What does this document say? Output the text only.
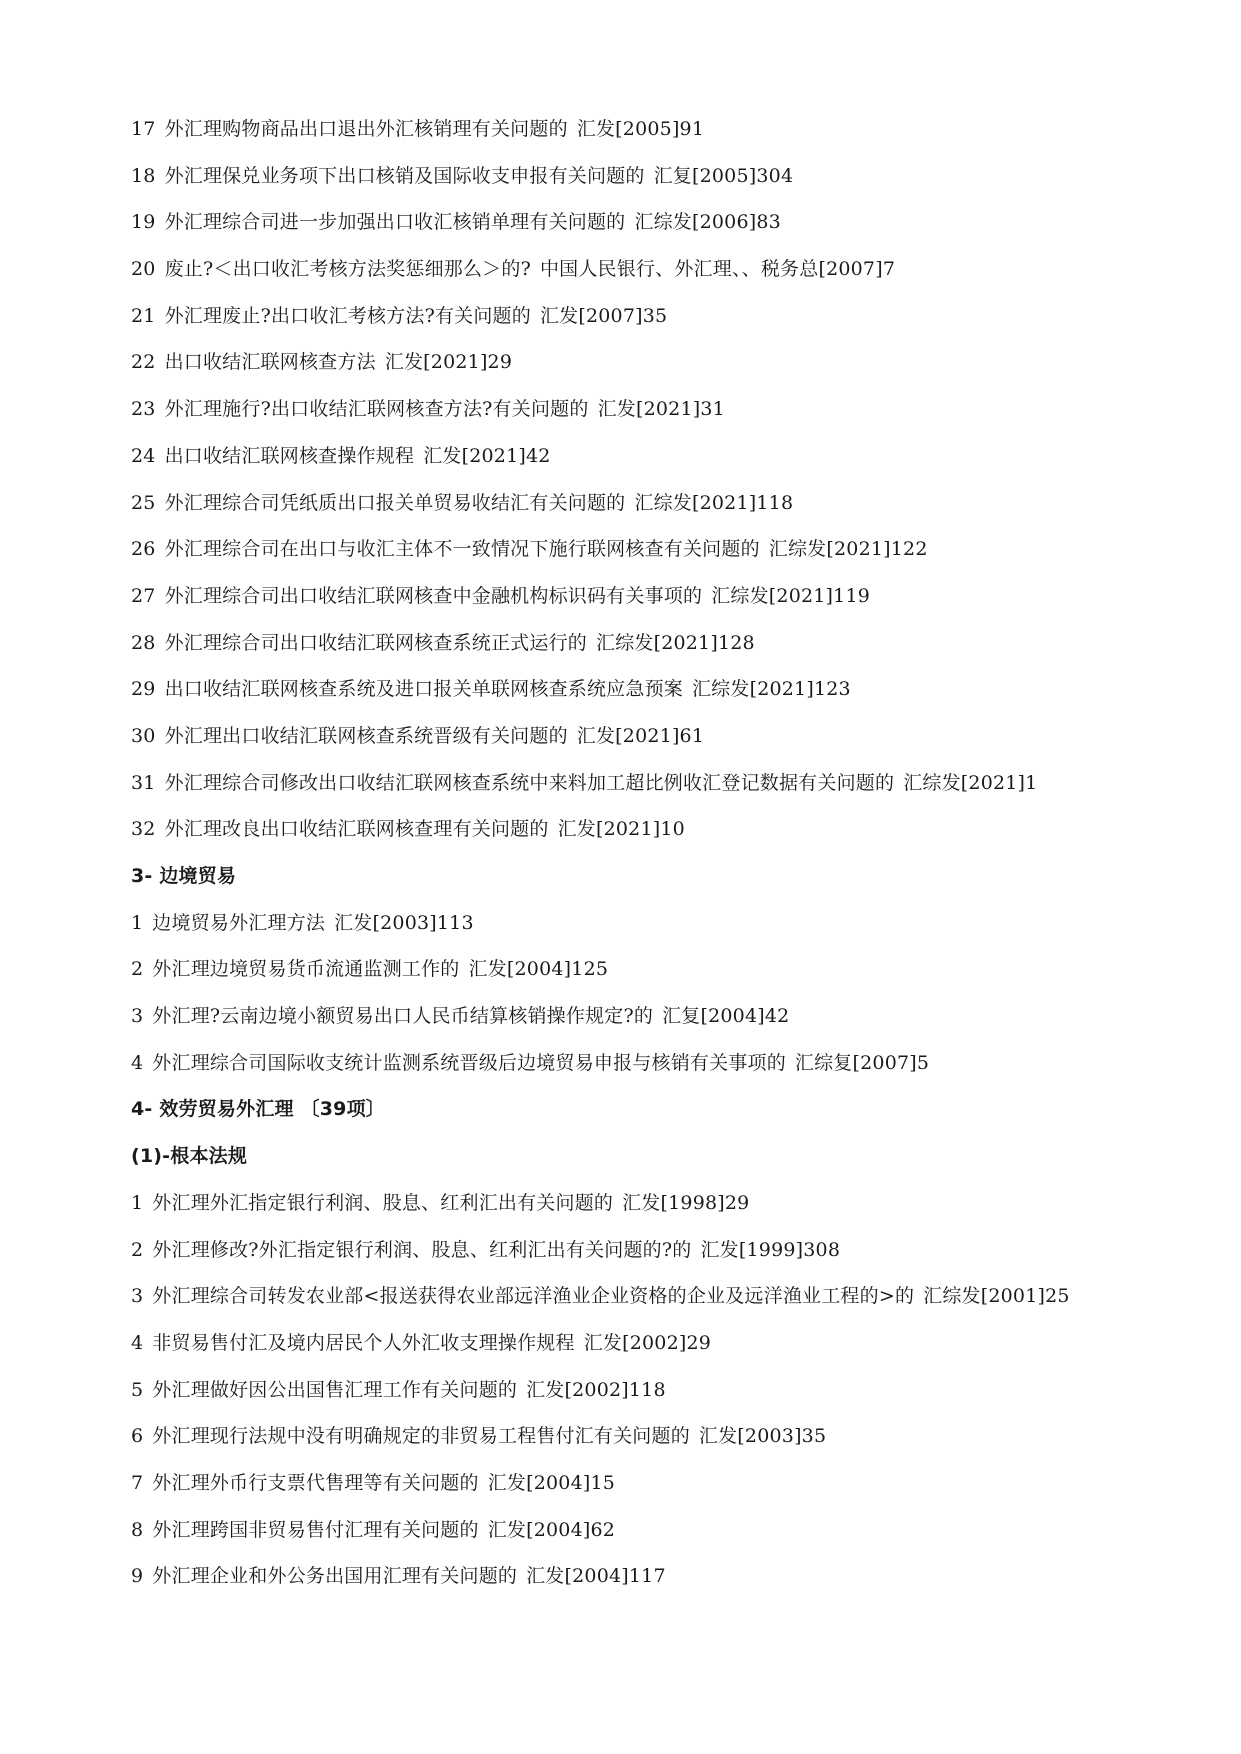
17 外汇理购物商品出口退出外汇核销理有关问题的 汇发[2005]91
18 外汇理保兑业务项下出口核销及国际收支申报有关问题的 汇复[2005]304
19 外汇理综合司进一步加强出口收汇核销单理有关问题的 汇综发[2006]83
20 废止?＜出口收汇考核方法奖惩细那么＞的? 中国人民银行、外汇理、、税务总[2007]7
21 外汇理废止?出口收汇考核方法?有关问题的 汇发[2007]35
22 出口收结汇联网核查方法 汇发[2021]29
23 外汇理施行?出口收结汇联网核查方法?有关问题的 汇发[2021]31
24 出口收结汇联网核查操作规程 汇发[2021]42
25 外汇理综合司凭纸质出口报关单贸易收结汇有关问题的 汇综发[2021]118
26 外汇理综合司在出口与收汇主体不一致情况下施行联网核查有关问题的 汇综发[2021]122
27 外汇理综合司出口收结汇联网核查中金融机构标识码有关事项的 汇综发[2021]119
28 外汇理综合司出口收结汇联网核查系统正式运行的 汇综发[2021]128
29 出口收结汇联网核查系统及进口报关单联网核查系统应急预案 汇综发[2021]123
30 外汇理出口收结汇联网核查系统晋级有关问题的 汇发[2021]61
31 外汇理综合司修改出口收结汇联网核查系统中来料加工超比例收汇登记数据有关问题的 汇综发[2021]1
32 外汇理改良出口收结汇联网核查理有关问题的 汇发[2021]10
3- 边境贸易
1 边境贸易外汇理方法 汇发[2003]113
2 外汇理边境贸易货币流通监测工作的 汇发[2004]125
3 外汇理?云南边境小额贸易出口人民币结算核销操作规定?的 汇复[2004]42
4 外汇理综合司国际收支统计监测系统晋级后边境贸易申报与核销有关事项的 汇综复[2007]5
4- 效劳贸易外汇理 〔39项〕
(1)-根本法规
1 外汇理外汇指定银行利润、股息、红利汇出有关问题的 汇发[1998]29
2 外汇理修改?外汇指定银行利润、股息、红利汇出有关问题的?的 汇发[1999]308
3 外汇理综合司转发农业部<报送获得农业部远洋渔业企业资格的企业及远洋渔业工程的>的 汇综发[2001]25
4 非贸易售付汇及境内居民个人外汇收支理操作规程 汇发[2002]29
5 外汇理做好因公出国售汇理工作有关问题的 汇发[2002]118
6 外汇理现行法规中没有明确规定的非贸易工程售付汇有关问题的 汇发[2003]35
7 外汇理外币行支票代售理等有关问题的 汇发[2004]15
8 外汇理跨国非贸易售付汇理有关问题的 汇发[2004]62
9 外汇理企业和外公务出国用汇理有关问题的 汇发[2004]117
